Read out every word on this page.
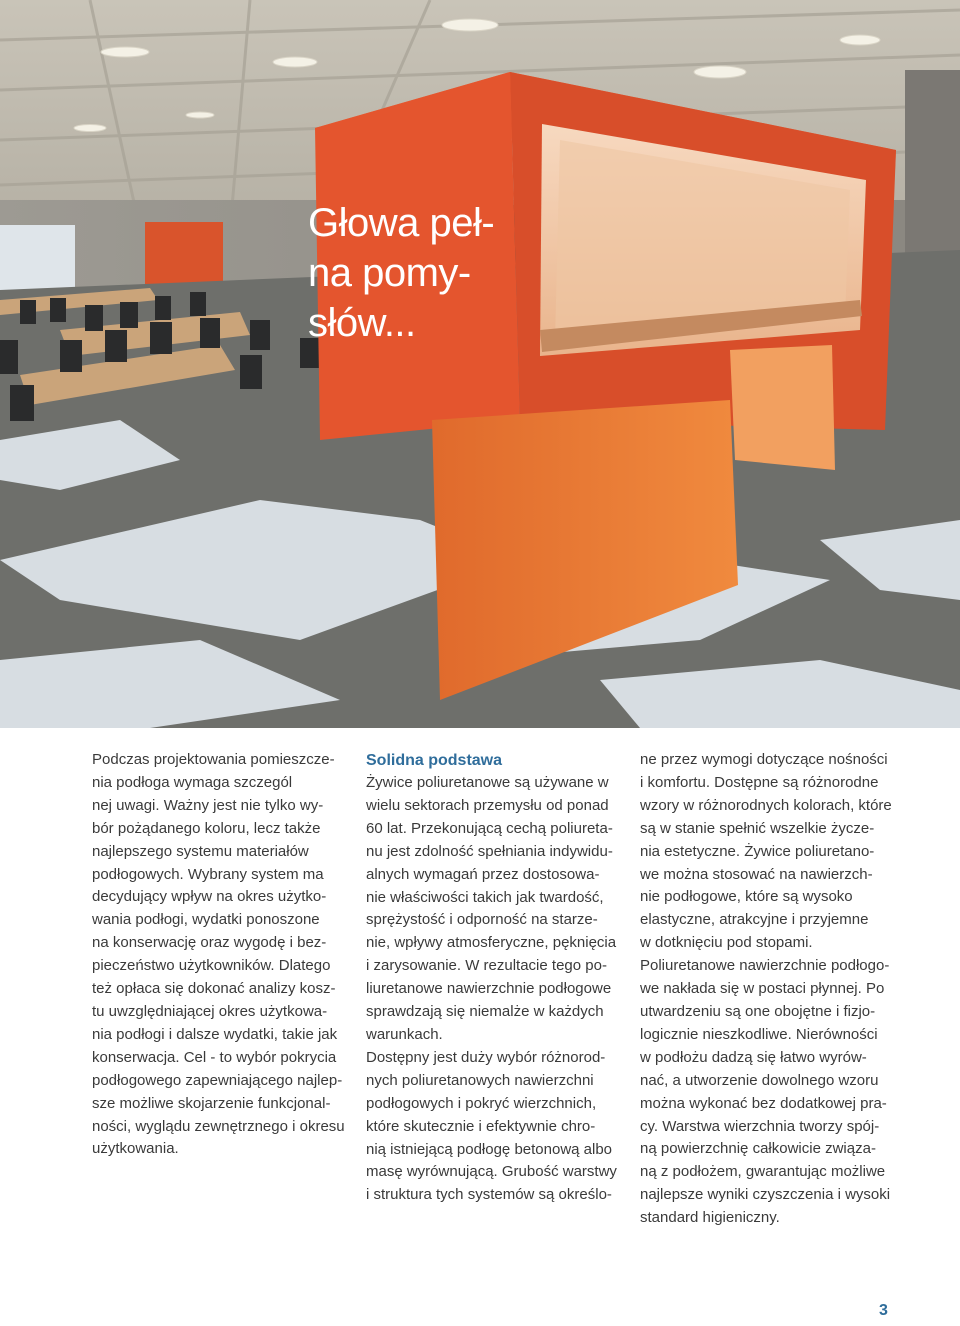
Głowa peł-
na pomy-
słów...

Podczas projektowania pomieszcze-
nia podłoga wymaga szczegól
nej uwagi. Ważny jest nie tylko wy-
bór pożądanego koloru, lecz także
najlepszego systemu materiałów
podłogowych. Wybrany system ma
decydujący wpływ na okres użytko-
wania podłogi, wydatki ponoszone
na konserwację oraz wygodę i bez-
pieczeństwo użytkowników. Dlatego
też opłaca się dokonać analizy kosz-
tu uwzględniającej okres użytkowa-
nia podłogi i dalsze wydatki, takie jak
konserwacja. Cel - to wybór pokrycia
podłogowego zapewniającego najlep-
sze możliwe skojarzenie funkcjonal-
ności, wyglądu zewnętrznego i okresu
użytkowania.

Solidna podstawa

Żywice poliuretanowe są używane w
wielu sektorach przemysłu od ponad
60 lat. Przekonującą cechą poliureta-
nu jest zdolność spełniania indywidu-
alnych wymagań przez dostosowa-
nie właściwości takich jak twardość,
sprężystość i odporność na starze-
nie, wpływy atmosferyczne, pęknięcia
i zarysowanie. W rezultacie tego po-
liuretanowe nawierzchnie podłogowe
sprawdzają się niemalże w każdych
warunkach.
Dostępny jest duży wybór różnorod-
nych poliuretanowych nawierzchni
podłogowych i pokryć wierzchnich,
które skutecznie i efektywnie chro-
nią istniejącą podłogę betonową albo
masę wyrównującą. Grubość warstwy
i struktura tych systemów są określo-

ne przez wymogi dotyczące nośności
i komfortu. Dostępne są różnorodne
wzory w różnorodnych kolorach, które
są w stanie spełnić wszelkie życze-
nia estetyczne. Żywice poliuretano-
we można stosować na nawierzch-
nie podłogowe, które są wysoko
elastyczne, atrakcyjne i przyjemne
w dotknięciu pod stopami.
Poliuretanowe nawierzchnie podłogo-
we nakłada się w postaci płynnej. Po
utwardzeniu są one obojętne i fizjo-
logicznie nieszkodliwe. Nierówności
w podłożu dadzą się łatwo wyrów-
nać, a utworzenie dowolnego wzoru
można wykonać bez dodatkowej pra-
cy. Warstwa wierzchnia tworzy spój-
ną powierzchnię całkowicie związa-
ną z podłożem, gwarantując możliwe
najlepsze wyniki czyszczenia i wysoki
standard higieniczny.

3
